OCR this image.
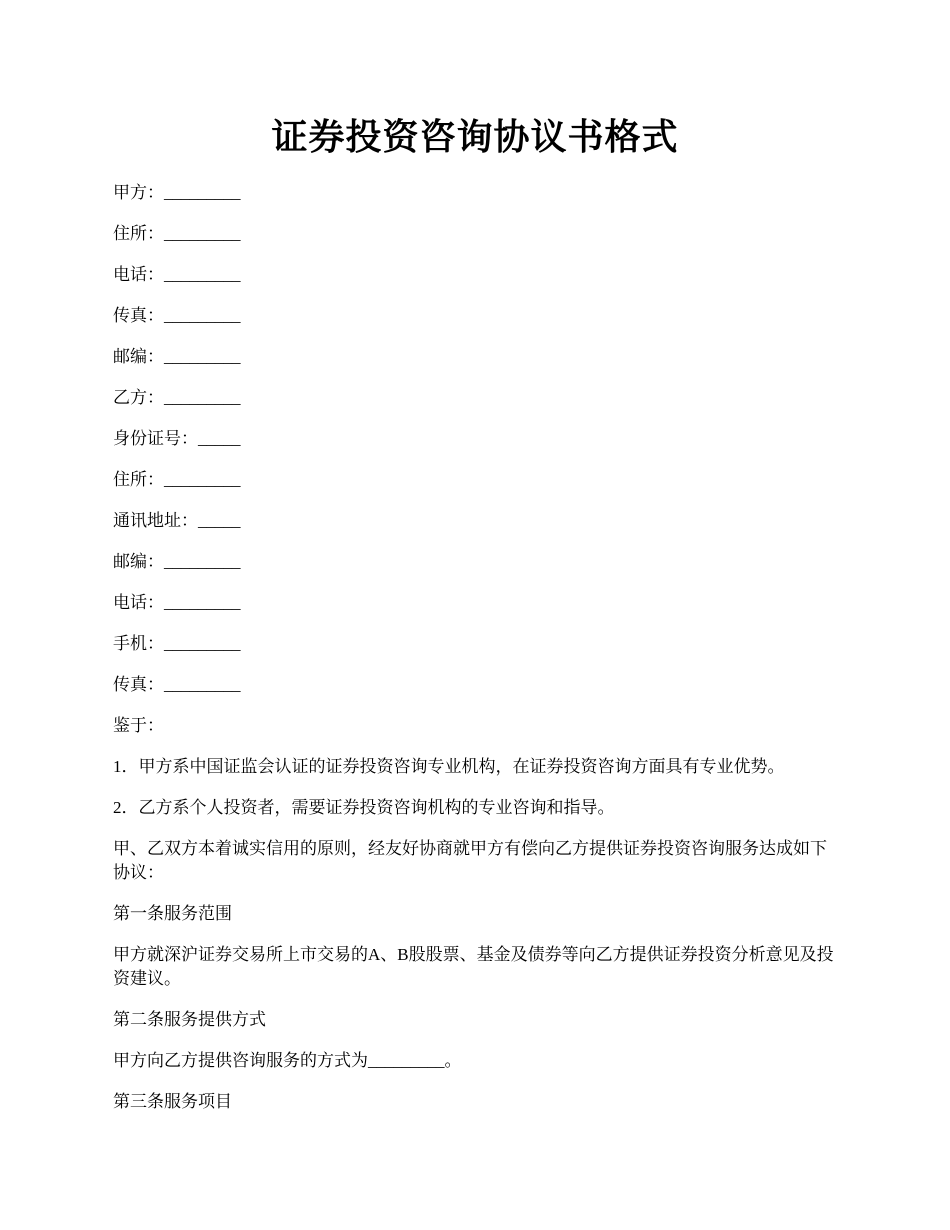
证券投资咨询协议书格式

甲方：_________

住所：_________

电话：_________

传真：_________

邮编：_________

乙方：_________

身份证号：_____

住所：_________

通讯地址：_____

邮编：_________

电话：_________

手机：_________

传真：_________

鉴于：

1．甲方系中国证监会认证的证券投资咨询专业机构，在证券投资咨询方面具有专业优势。

2．乙方系个人投资者，需要证券投资咨询机构的专业咨询和指导。

甲、乙双方本着诚实信用的原则，经友好协商就甲方有偿向乙方提供证券投资咨询服务达成如下协议：

第一条服务范围

甲方就深沪证券交易所上市交易的A、B股股票、基金及债券等向乙方提供证券投资分析意见及投资建议。

第二条服务提供方式

甲方向乙方提供咨询服务的方式为_________。

第三条服务项目
